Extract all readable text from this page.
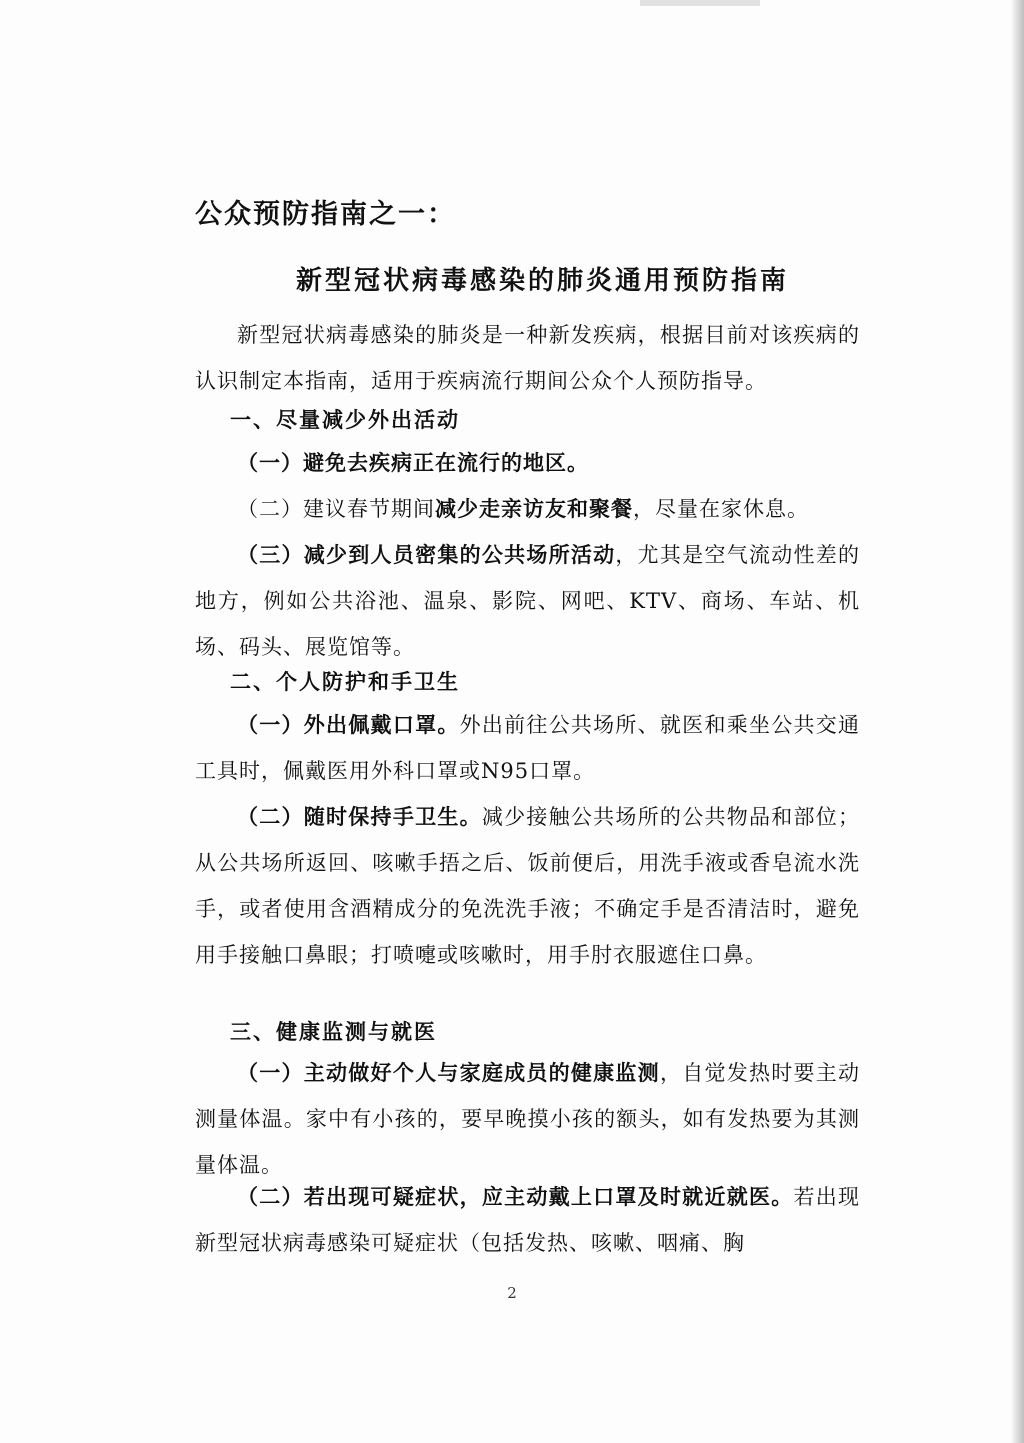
公众预防指南之一：
新型冠状病毒感染的肺炎通用预防指南

新型冠状病毒感染的肺炎是一种新发疾病，根据目前对该疾病的认识制定本指南，适用于疾病流行期间公众个人预防指导。

一、尽量减少外出活动

（一）避免去疾病正在流行的地区。

（二）建议春节期间减少走亲访友和聚餐，尽量在家休息。

（三）减少到人员密集的公共场所活动，尤其是空气流动性差的地方，例如公共浴池、温泉、影院、网吧、KTV、商场、车站、机场、码头、展览馆等。

二、个人防护和手卫生

（一）外出佩戴口罩。外出前往公共场所、就医和乘坐公共交通工具时，佩戴医用外科口罩或N95口罩。

（二）随时保持手卫生。减少接触公共场所的公共物品和部位；从公共场所返回、咳嗽手捂之后、饭前便后，用洗手液或香皂流水洗手，或者使用含酒精成分的免洗洗手液；不确定手是否清洁时，避免用手接触口鼻眼；打喷嚏或咳嗽时，用手肘衣服遮住口鼻。

三、健康监测与就医

（一）主动做好个人与家庭成员的健康监测，自觉发热时要主动测量体温。家中有小孩的，要早晚摸小孩的额头，如有发热要为其测量体温。

（二）若出现可疑症状，应主动戴上口罩及时就近就医。若出现新型冠状病毒感染可疑症状（包括发热、咳嗽、咽痛、胸

2
